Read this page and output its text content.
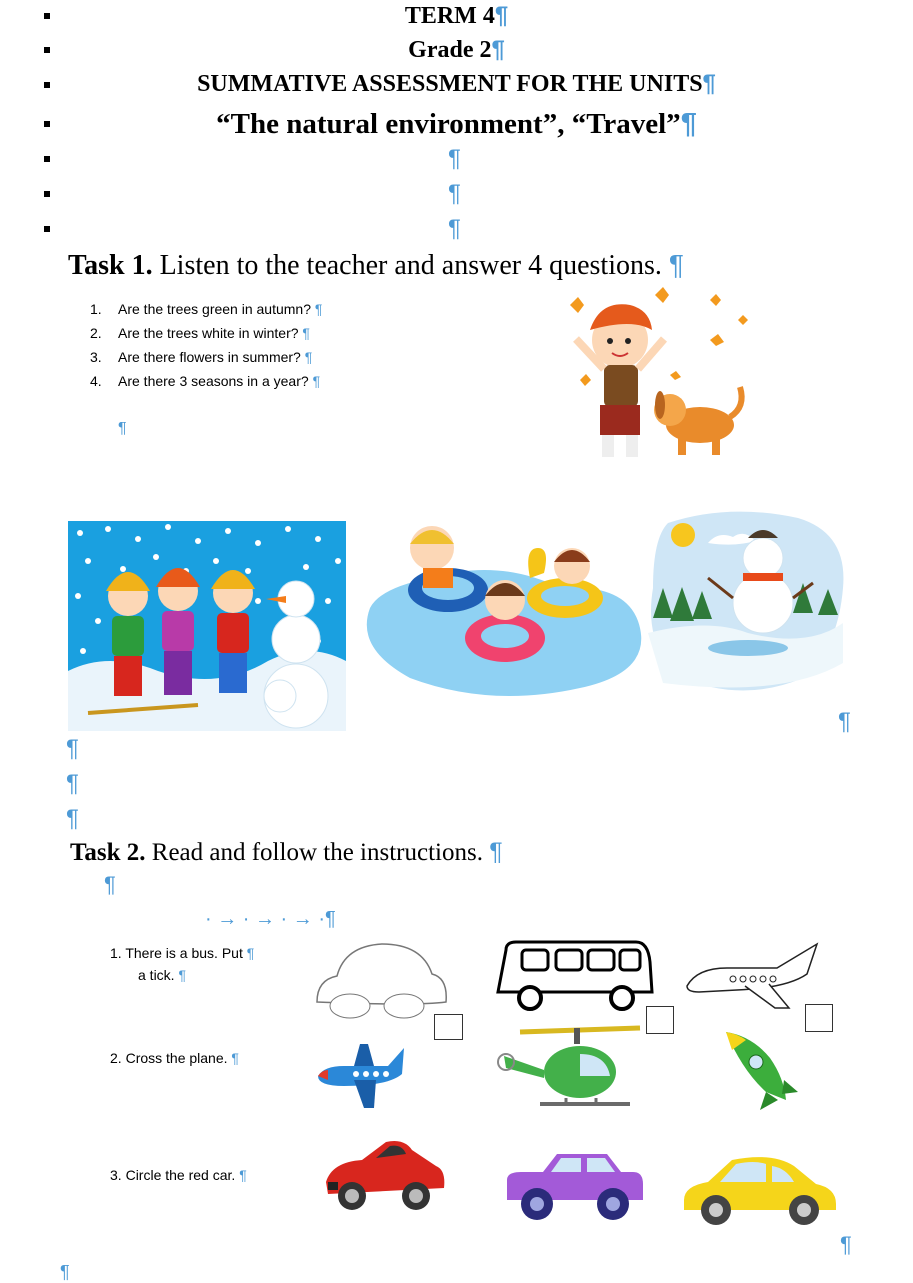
TERM 4¶
Grade 2¶
SUMMATIVE ASSESSMENT FOR THE UNITS¶
“The natural environment”, “Travel”¶
¶
¶
¶
Task 1. Listen to the teacher and answer 4 questions. ¶
1. Are the trees green in autumn? ¶
2. Are the trees white in winter? ¶
3. Are there flowers in summer? ¶
4. Are there 3 seasons in a year? ¶
¶
¶
¶
¶
¶
Task 2. Read and follow the instructions. ¶
¶
· → · → · → ·¶
1. There is a bus. Put ¶
a tick. ¶
2. Cross the plane. ¶
3. Circle the red car. ¶
¶
¶
